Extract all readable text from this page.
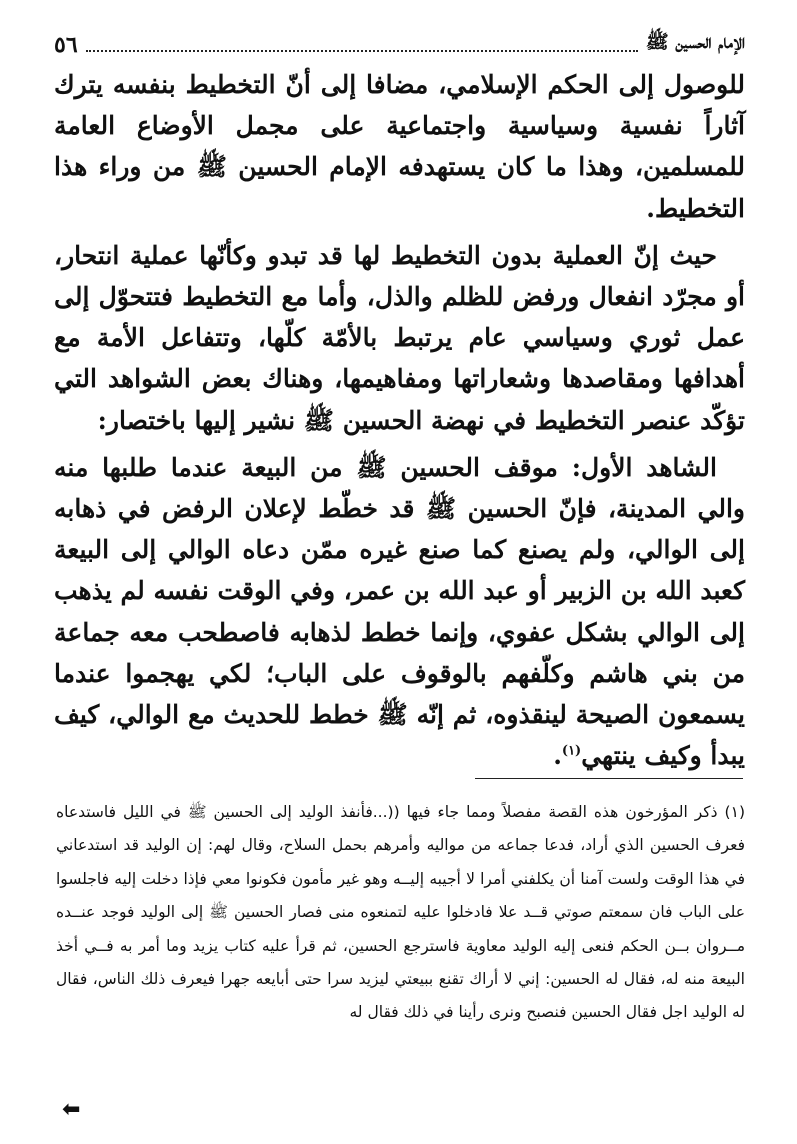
الإمام الحسين ﷺ
٥٦

للوصول إلى الحكم الإسلامي، مضافا إلى أنّ التخطيط بنفسه يترك آثاراً نفسية وسياسية واجتماعية على مجمل الأوضاع العامة للمسلمين، وهذا ما كان يستهدفه الإمام الحسين ﷺ من وراء هذا التخطيط.

حيث إنّ العملية بدون التخطيط لها قد تبدو وكأنّها عملية انتحار، أو مجرّد انفعال ورفض للظلم والذل، وأما مع التخطيط فتتحوّل إلى عمل ثوري وسياسي عام يرتبط بالأمّة كلّها، وتتفاعل الأمة مع أهدافها ومقاصدها وشعاراتها ومفاهيمها، وهناك بعض الشواهد التي تؤكّد عنصر التخطيط في نهضة الحسين ﷺ نشير إليها باختصار:

الشاهد الأول: موقف الحسين ﷺ من البيعة عندما طلبها منه والي المدينة، فإنّ الحسين ﷺ قد خطّط لإعلان الرفض في ذهابه إلى الوالي، ولم يصنع كما صنع غيره ممّن دعاه الوالي إلى البيعة كعبد الله بن الزبير أو عبد الله بن عمر، وفي الوقت نفسه لم يذهب إلى الوالي بشكل عفوي، وإنما خطط لذهابه فاصطحب معه جماعة من بني هاشم وكلّفهم بالوقوف على الباب؛ لكي يهجموا عندما يسمعون الصيحة لينقذوه، ثم إنّه ﷺ خطط للحديث مع الوالي، كيف يبدأ وكيف ينتهي$^{(١)}$.

(١) ذكر المؤرخون هذه القصة مفصلاً ومما جاء فيها ((...فأنفذ الوليد إلى الحسين ﷺ في الليل فاستدعاه فعرف الحسين الذي أراد، فدعا جماعه من مواليه وأمرهم بحمل السلاح، وقال لهم: إن الوليد قد استدعاني في هذا الوقت ولست آمنا أن يكلفني أمرا لا أجيبه إليــه وهو غير مأمون فكونوا معي فإذا دخلت إليه فاجلسوا على الباب فان سمعتم صوتي قــد علا فادخلوا عليه لتمنعوه منى فصار الحسين ﷺ إلى الوليد فوجد عنــده مــروان بــن الحكم فنعى إليه الوليد معاوية فاسترجع الحسين، ثم قرأ عليه كتاب يزيد وما أمر به فــي أخذ البيعة منه له، فقال له الحسين: إني لا أراك تقنع ببيعتي ليزيد سرا حتى أبايعه جهرا فيعرف ذلك الناس، فقال له الوليد اجل فقال الحسين فنصبح ونرى رأينا في ذلك فقال له

⬅
